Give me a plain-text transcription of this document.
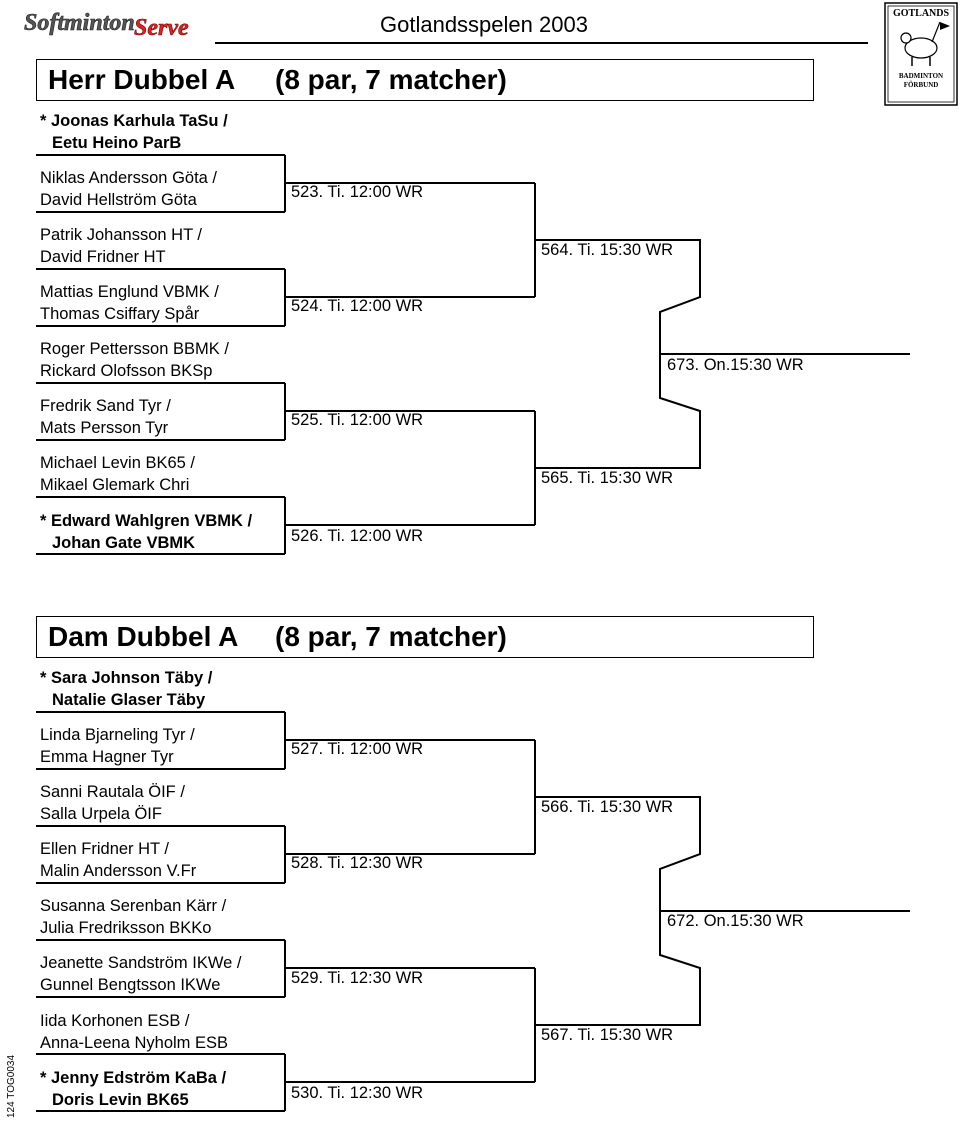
Softminton Serve	Gotlandsspelen 2003	GOTLANDS
BADMINTON
FÖRBUND
Herr Dubbel A (8 par, 7 matcher)
* Joonas Karhula TaSu /
Eetu Heino ParB
Niklas Andersson Göta /
David Hellström Göta
Patrik Johansson HT /
David Fridner HT
Mattias Englund VBMK /
Thomas Csiffary Spår
Roger Pettersson BBMK /
Rickard Olofsson BKSp
Fredrik Sand Tyr /
Mats Persson Tyr
Michael Levin BK65 /
Mikael Glemark Chri
* Edward Wahlgren VBMK /
Johan Gate VBMK
523. Ti. 12:00 WR
524. Ti. 12:00 WR
525. Ti. 12:00 WR
526. Ti. 12:00 WR
564. Ti. 15:30 WR
565. Ti. 15:30 WR
673. On.15:30 WR
Dam Dubbel A (8 par, 7 matcher)
* Sara Johnson Täby /
Natalie Glaser Täby
Linda Bjarneling Tyr /
Emma Hagner Tyr
Sanni Rautala ÖIF /
Salla Urpela ÖIF
Ellen Fridner HT /
Malin Andersson V.Fr
Susanna Serenban Kärr /
Julia Fredriksson BKKo
Jeanette Sandström IKWe /
Gunnel Bengtsson IKWe
Iida Korhonen ESB /
Anna-Leena Nyholm ESB
* Jenny Edström KaBa /
Doris Levin BK65
527. Ti. 12:00 WR
528. Ti. 12:30 WR
529. Ti. 12:30 WR
530. Ti. 12:30 WR
566. Ti. 15:30 WR
567. Ti. 15:30 WR
672. On.15:30 WR
124 TOG0034
